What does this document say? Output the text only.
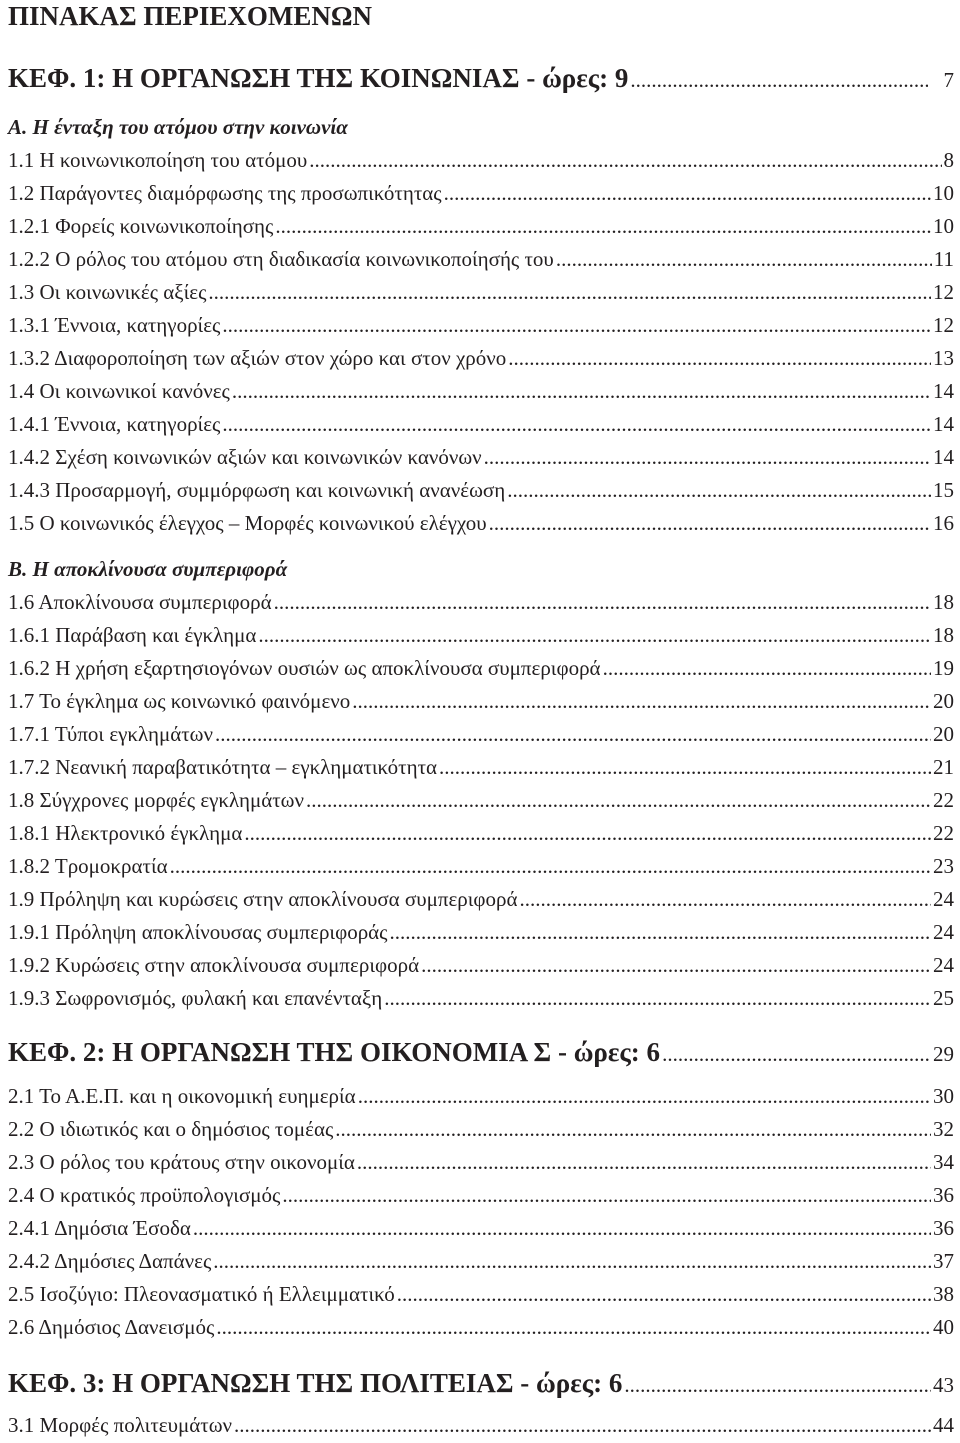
ΠΙΝΑΚΑΣ ΠΕΡΙΕΧΟΜΕΝΩΝ
ΚΕΦ. 1: Η ΟΡΓΑΝΩΣΗ ΤΗΣ ΚΟΙΝΩΝΙΑΣ - ώρες: 9 .....	7
Α. Η ένταξη του ατόμου στην κοινωνία
1.1 Η κοινωνικοποίηση του ατόμου .....	8
1.2 Παράγοντες διαμόρφωσης της προσωπικότητας .....	10
1.2.1 Φορείς κοινωνικοποίησης .....	10
1.2.2 Ο ρόλος του ατόμου στη διαδικασία κοινωνικοποίησής του .....	11
1.3 Οι κοινωνικές αξίες .....	12
1.3.1 Έννοια, κατηγορίες .....	12
1.3.2 Διαφοροποίηση των αξιών στον χώρο και στον χρόνο .....	13
1.4 Οι κοινωνικοί κανόνες .....	14
1.4.1 Έννοια, κατηγορίες .....	14
1.4.2 Σχέση κοινωνικών αξιών και κοινωνικών κανόνων .....	14
1.4.3 Προσαρμογή, συμμόρφωση και κοινωνική ανανέωση .....	15
1.5 Ο κοινωνικός έλεγχος – Μορφές κοινωνικού ελέγχου .....	16
Β. Η αποκλίνουσα συμπεριφορά
1.6 Αποκλίνουσα συμπεριφορά .....	18
1.6.1 Παράβαση και έγκλημα .....	18
1.6.2 Η χρήση εξαρτησιογόνων ουσιών ως αποκλίνουσα συμπεριφορά .....	19
1.7 Το έγκλημα ως κοινωνικό φαινόμενο .....	20
1.7.1 Τύποι εγκλημάτων .....	20
1.7.2 Νεανική παραβατικότητα – εγκληματικότητα .....	21
1.8 Σύγχρονες μορφές εγκλημάτων .....	22
1.8.1 Ηλεκτρονικό έγκλημα .....	22
1.8.2 Τρομοκρατία .....	23
1.9 Πρόληψη και κυρώσεις στην αποκλίνουσα συμπεριφορά .....	24
1.9.1 Πρόληψη αποκλίνουσας συμπεριφοράς .....	24
1.9.2 Κυρώσεις στην αποκλίνουσα συμπεριφορά .....	24
1.9.3 Σωφρονισμός, φυλακή και επανένταξη .....	25
ΚΕΦ. 2: Η ΟΡΓΑΝΩΣΗ ΤΗΣ ΟΙΚΟΝΟΜΙΑ Σ - ώρες: 6 .....	29
2.1 Το Α.Ε.Π. και η οικονομική ευημερία .....	30
2.2 Ο ιδιωτικός και ο δημόσιος τομέας .....	32
2.3 Ο ρόλος του κράτους στην οικονομία .....	34
2.4 Ο κρατικός προϋπολογισμός .....	36
2.4.1 Δημόσια Έσοδα .....	36
2.4.2 Δημόσιες Δαπάνες .....	37
2.5 Ισοζύγιο: Πλεονασματικό ή Ελλειμματικό .....	38
2.6 Δημόσιος Δανεισμός .....	40
ΚΕΦ. 3: Η ΟΡΓΑΝΩΣΗ ΤΗΣ ΠΟΛΙΤΕΙΑΣ - ώρες: 6 .....	43
3.1 Μορφές πολιτευμάτων .....	44
